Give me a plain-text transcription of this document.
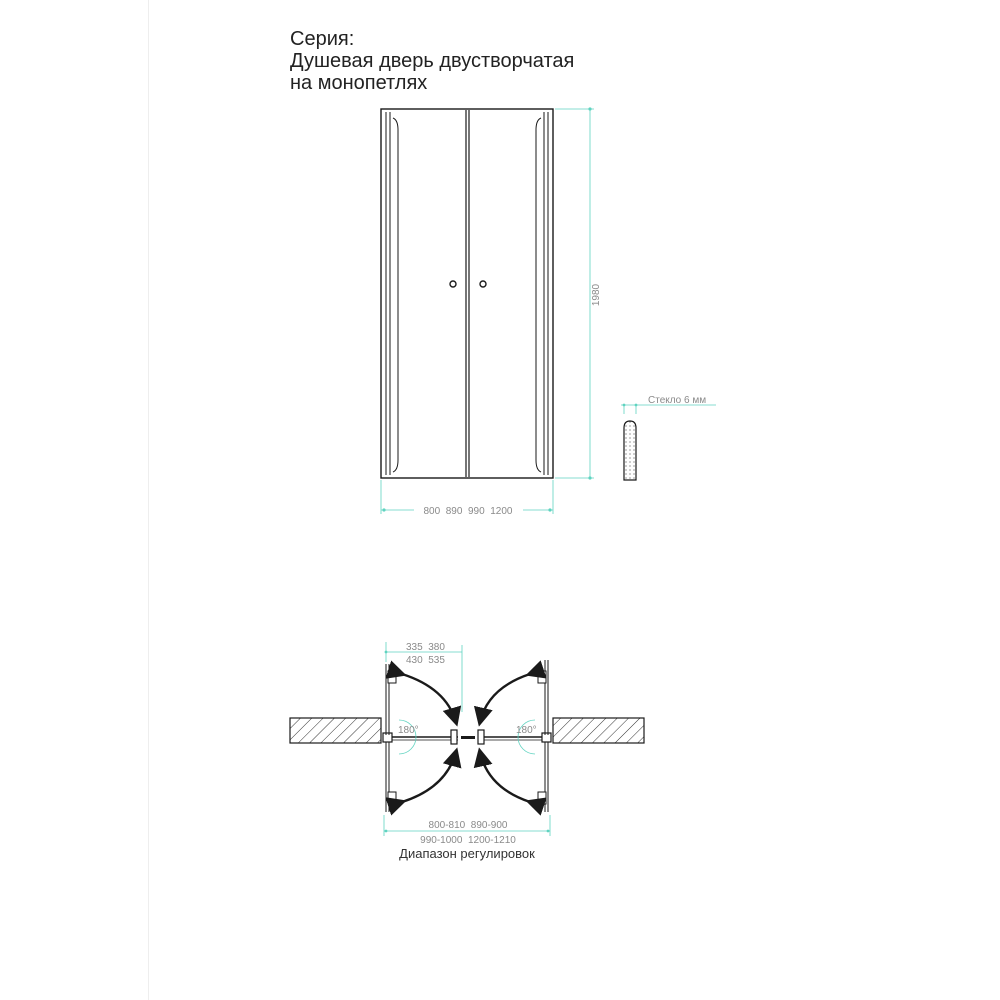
Серия:
Душевая дверь двустворчатая
на монопетлях
1980
800  890  990  1200
Стекло 6 мм
180°	180°
335  380
430  535
800-810  890-900
990-1000  1200-1210
Диапазон регулировок
